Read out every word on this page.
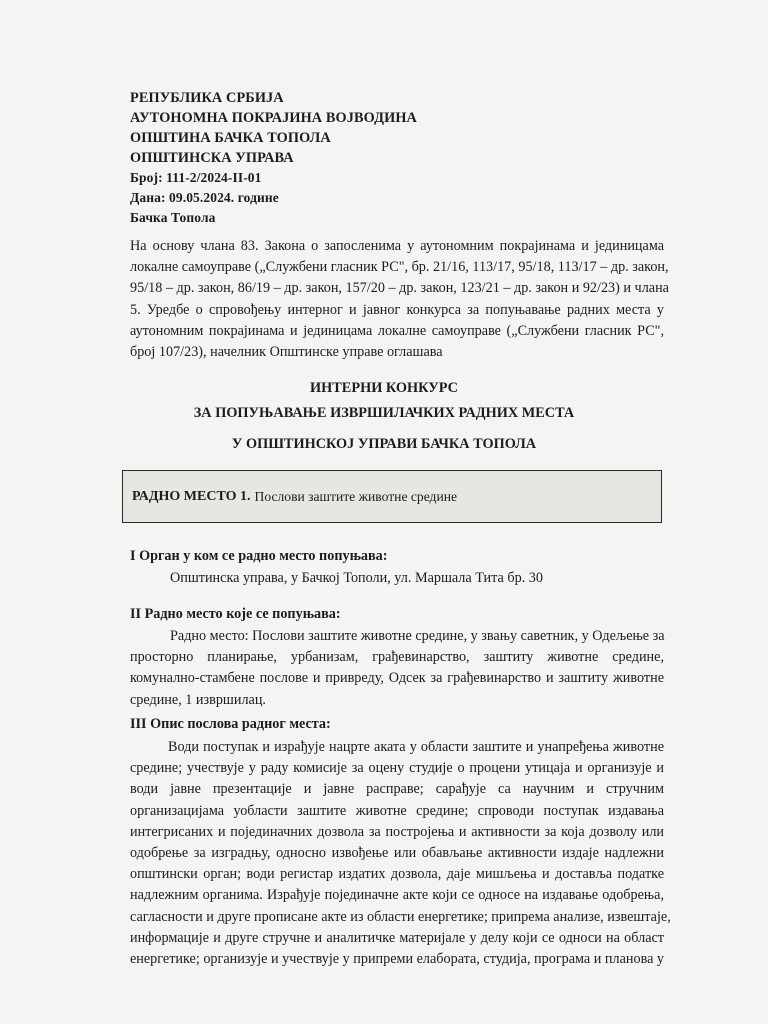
РЕПУБЛИКА СРБИЈА
АУТОНОМНА ПОКРАЈИНА ВОЈВОДИНА
ОПШТИНА БАЧКА ТОПОЛА
ОПШТИНСКА УПРАВА
Број: 111-2/2024-II-01
Дана: 09.05.2024. године
Бачка Топола
На основу члана 83. Закона о запосленима у аутономним покрајинама и јединицама
локалне самоуправе („Службени гласник РС", бр. 21/16, 113/17, 95/18, 113/17 – др. закон,
95/18 – др. закон, 86/19 – др. закон, 157/20 – др. закон, 123/21 – др. закон и 92/23) и члана
5. Уредбе о спровођењу интерног и јавног конкурса за попуњавање радних места у
аутономним покрајинама и јединицама локалне самоуправе („Службени гласник РС",
број 107/23), начелник Општинске управе оглашава
ИНТЕРНИ КОНКУРС
ЗА ПОПУЊАВАЊЕ ИЗВРШИЛАЧКИХ РАДНИХ МЕСТА
У ОПШТИНСКОЈ УПРАВИ БАЧКА ТОПОЛА
РАДНО МЕСТО 1. Послови заштите животне средине
I Орган у ком се радно место попуњава:
Општинска управа, у Бачкој Тополи, ул. Маршала Тита бр. 30
II Радно место које се попуњава:
Радно место: Послови заштите животне средине, у звању саветник, у Одељење за
просторно планирање, урбанизам, грађевинарство, заштиту животне средине,
комунално-стамбене послове и привреду, Одсек за грађевинарство и заштиту животне
средине, 1 извршилац.
III Опис послова радног места:
Води поступак и израђује нацрте аката у области заштите и унапређења животне
средине; учествује у раду комисије за оцену студије о процени утицаја и организује и
води јавне презентације и јавне расправе; сарађује са научним и стручним
организацијама уобласти заштите животне средине; спроводи поступак издавања
интегрисаних и појединачних дозвола за постројења и активности за која дозволу или
одобрење за изградњу, односно извођење или обављање активности издаје надлежни
општински орган; води регистар издатих дозвола, даје мишљења и доставља податке
надлежним органима. Израђује појединачне акте који се односе на издавање одобрења,
сагласности и друге прописане акте из области енергетике; припрема анализе, извештаје,
информације и друге стручне и аналитичке материјале у делу који се односи на област
енергетике; организује и учествује у припреми елабората, студија, програма и планова у
